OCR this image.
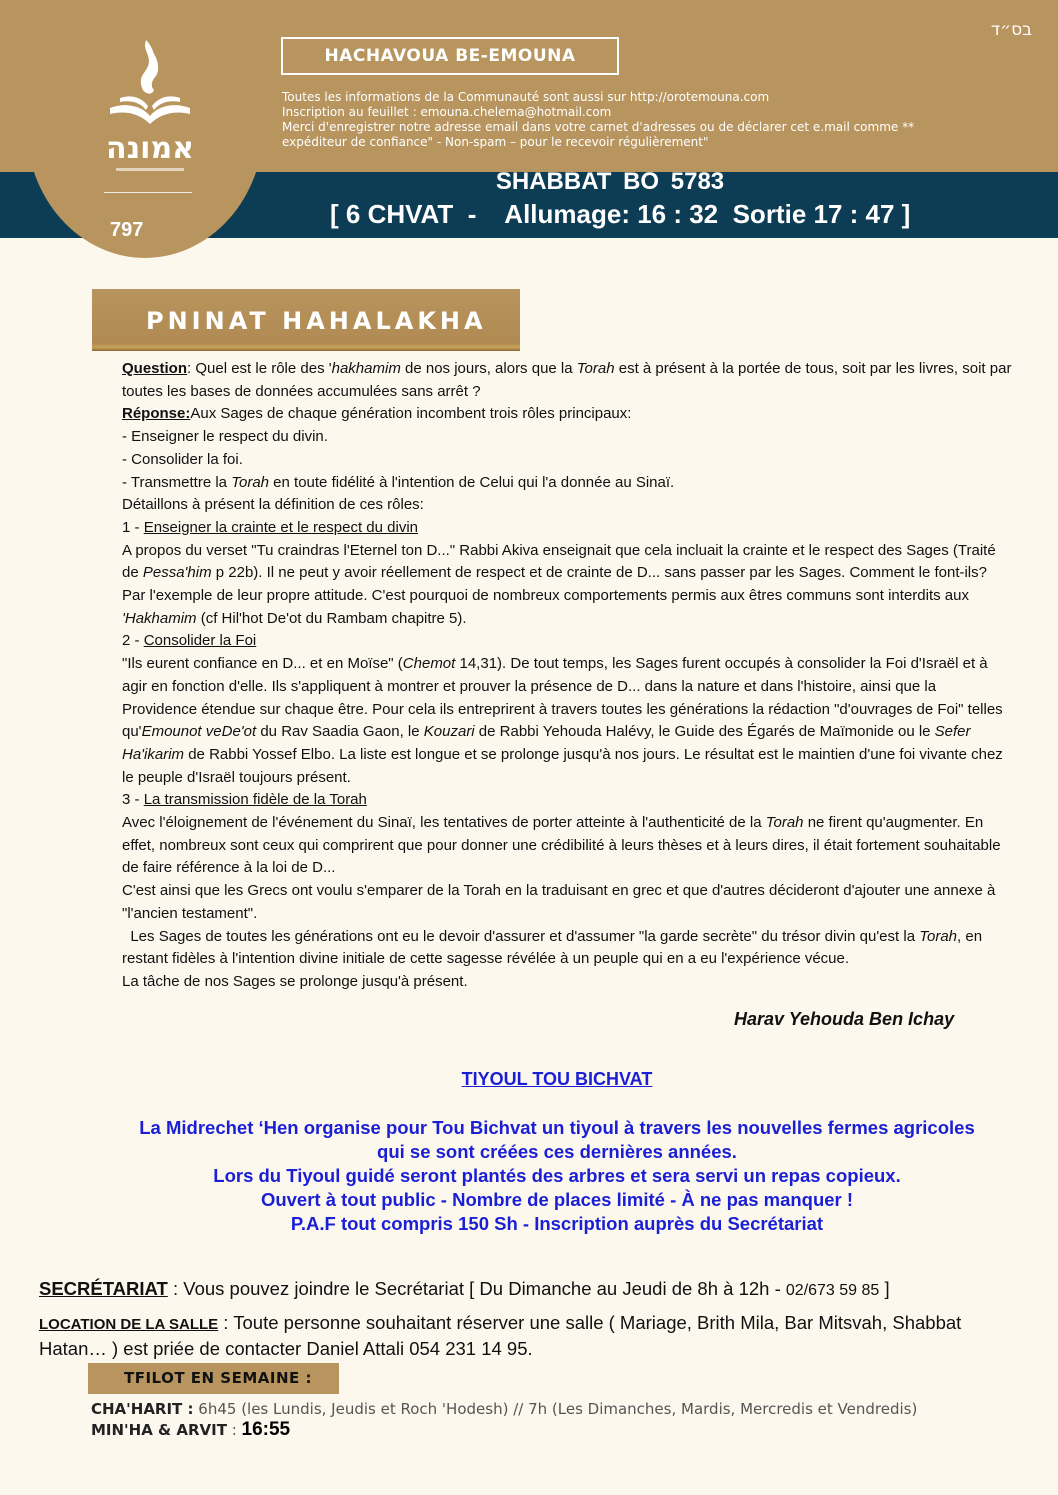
אמונה
797
בס״ד
HACHAVOUA BE-EMOUNA
Toutes les informations de la Communauté sont aussi sur http://orotemouna.com
Inscription au feuillet : emouna.chelema@hotmail.com
Merci d'enregistrer notre adresse email dans votre carnet d'adresses ou de déclarer cet e.mail comme **
expéditeur de confiance" - Non-spam – pour le recevoir régulièrement"
SHABBAT BO 5783
[ 6 CHVAT  -    Allumage: 16 : 32  Sortie 17 : 47 ]
PNINAT HAHALAKHA

Question: Quel est le rôle des 'hakhamim de nos jours, alors que la Torah est à présent à la portée de tous, soit par les livres, soit par toutes les bases de données accumulées sans arrêt ?

Réponse:Aux Sages de chaque génération incombent trois rôles principaux:

- Enseigner le respect du divin.

- Consolider la foi.

- Transmettre la Torah en toute fidélité à l'intention de Celui qui l'a donnée au Sinaï.

Détaillons à présent la définition de ces rôles:

1 - Enseigner la crainte et le respect du divin

A propos du verset "Tu craindras l'Eternel ton D..." Rabbi Akiva enseignait que cela incluait la crainte et le respect des Sages (Traité de Pessa'him p 22b). Il ne peut y avoir réellement de respect et de crainte de D... sans passer par les Sages. Comment le font-ils? Par l'exemple de leur propre attitude. C'est pourquoi de nombreux comportements permis aux êtres communs sont interdits aux 'Hakhamim (cf Hil'hot De'ot du Rambam chapitre 5).

2 - Consolider la Foi

"Ils eurent confiance en D... et en Moïse" (Chemot 14,31). De tout temps, les Sages furent occupés à consolider la Foi d'Israël et à agir en fonction d'elle. Ils s'appliquent à montrer et prouver la présence de D... dans la nature et dans l'histoire, ainsi que la Providence étendue sur chaque être. Pour cela ils entreprirent à travers toutes les générations la rédaction "d'ouvrages de Foi" telles qu'Emounot veDe'ot du Rav Saadia Gaon, le Kouzari de Rabbi Yehouda Halévy, le Guide des Égarés de Maïmonide ou le Sefer Ha'ikarim de Rabbi Yossef Elbo. La liste est longue et se prolonge jusqu'à nos jours. Le résultat est le maintien d'une foi vivante chez le peuple d'Israël toujours présent.

3 - La transmission fidèle de la Torah

Avec l'éloignement de l'événement du Sinaï, les tentatives de porter atteinte à l'authenticité de la Torah ne firent qu'augmenter. En effet, nombreux sont ceux qui comprirent que pour donner une crédibilité à leurs thèses et à leurs dires, il était fortement souhaitable de faire référence à la loi de D...

C'est ainsi que les Grecs ont voulu s'emparer de la Torah en la traduisant en grec et que d'autres décideront d'ajouter une annexe à "l'ancien testament".

Les Sages de toutes les générations ont eu le devoir d'assurer et d'assumer "la garde secrète" du trésor divin qu'est la Torah, en restant fidèles à l'intention divine initiale de cette sagesse révélée à un peuple qui en a eu l'expérience vécue.

La tâche de nos Sages se prolonge jusqu'à présent.

Harav Yehouda Ben Ichay
TIYOUL TOU BICHVAT
La Midrechet ‘Hen organise pour Tou Bichvat un tiyoul à travers les nouvelles fermes agricoles
qui se sont créées ces dernières années.
Lors du Tiyoul guidé seront plantés des arbres et sera servi un repas copieux.
Ouvert à tout public - Nombre de places limité - À ne pas manquer !
P.A.F tout compris 150 Sh - Inscription auprès du Secrétariat
SECRÉTARIAT : Vous pouvez joindre le Secrétariat [ Du Dimanche au Jeudi de 8h à 12h - 02/673 59 85 ]
LOCATION DE LA SALLE : Toute personne souhaitant réserver une salle ( Mariage, Brith Mila, Bar Mitsvah, Shabbat Hatan… ) est priée de contacter Daniel Attali 054 231 14 95.
TFILOT EN SEMAINE :
CHA'HARIT : 6h45 (les Lundis, Jeudis et Roch 'Hodesh) // 7h (Les Dimanches, Mardis, Mercredis et Vendredis)
MIN'HA & ARVIT : 16:55
